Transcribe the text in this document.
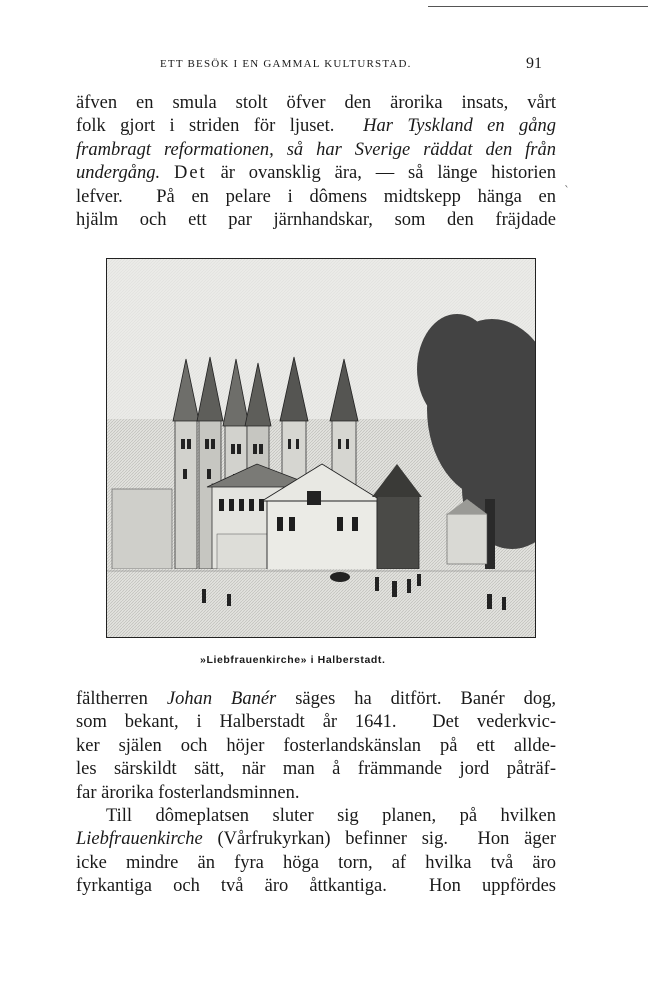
ETT BESÖK I EN GAMMAL KULTURSTAD.	91
`
äfven en smula stolt öfver den ärorika insats, vårt
folk gjort i striden för ljuset.  Har Tyskland en gång
frambragt reformationen, så har Sverige räddat den från
undergång. Det är ovansklig ära, — så länge historien
lefver.  På en pelare i dômens midtskepp hänga en
hjälm och ett par järnhandskar, som den fräjdade
»Liebfrauenkirche» i Halberstadt.
fältherren Johan Banér säges ha ditfört. Banér dog,
som bekant, i Halberstadt år 1641.  Det vederkvic-
ker själen och höjer fosterlandskänslan på ett allde-
les särskildt sätt, när man å främmande jord påträf-
far ärorika fosterlandsminnen.
Till dômeplatsen sluter sig planen, på hvilken
Liebfrauenkirche (Vårfrukyrkan) befinner sig.  Hon äger
icke mindre än fyra höga torn, af hvilka två äro
fyrkantiga och två äro åttkantiga.  Hon uppfördes
